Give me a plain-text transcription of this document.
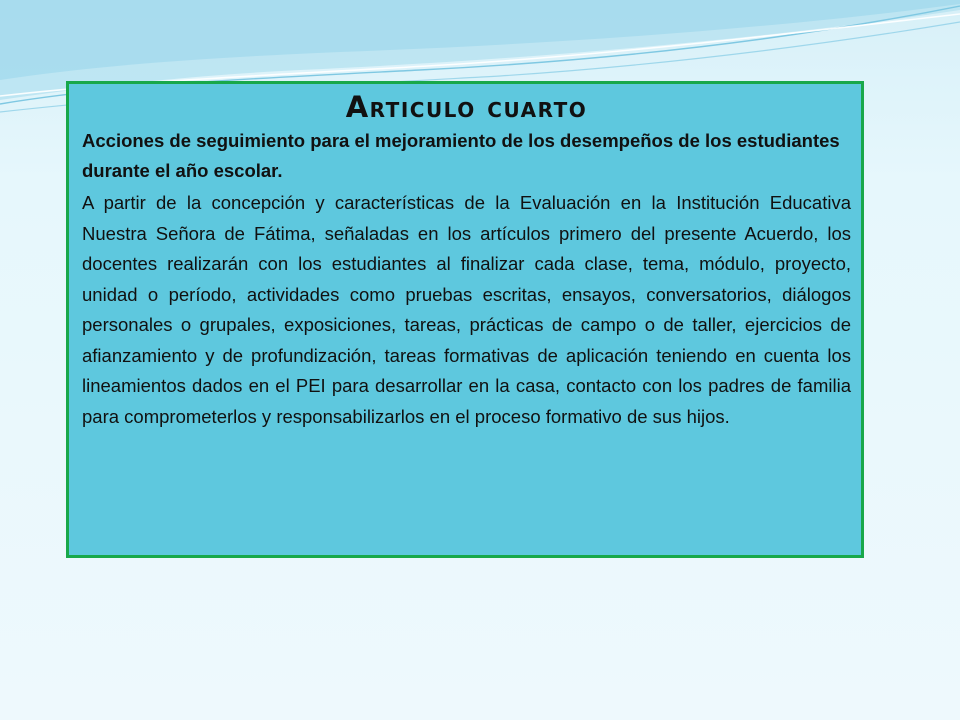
Articulo cuarto

Acciones de seguimiento para el mejoramiento de los desempeños de los estudiantes durante el año escolar.

A partir de la concepción y características de la Evaluación en la Institución Educativa Nuestra Señora de Fátima, señaladas en los artículos primero del presente Acuerdo, los docentes realizarán con los estudiantes al finalizar cada clase, tema, módulo, proyecto, unidad o período, actividades como pruebas escritas, ensayos, conversatorios, diálogos personales o grupales, exposiciones, tareas, prácticas de campo o de taller, ejercicios de afianzamiento y de profundización, tareas formativas de aplicación teniendo en cuenta los lineamientos dados en el PEI para desarrollar en la casa, contacto con los padres de familia para comprometerlos y responsabilizarlos en el proceso formativo de sus hijos.
